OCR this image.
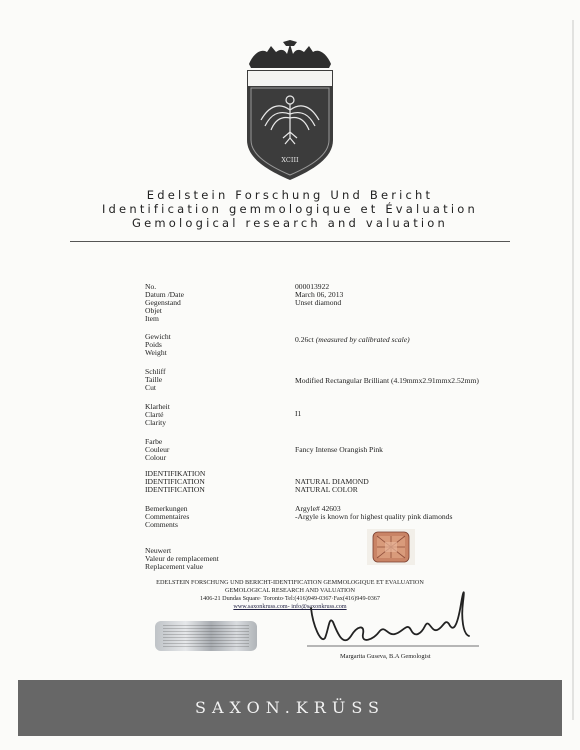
XCIII
Edelstein Forschung Und Bericht
Identification gemmologique et Évaluation
Gemological research and valuation
No.
Datum /Date
Gegenstand
Objet
Item
Gewicht
Poids
Weight
Schliff
Taille
Cut
Klarheit
Clarté
Clarity
Farbe
Couleur
Colour
IDENTIFIKATION
IDENTIFICATION
IDENTIFICATION
Bemerkungen
Commentaires
Comments
Neuwert
Valeur de remplacement
Replacement value
000013922
March 06, 2013
Unset diamond
0.26ct (measured by calibrated scale)
Modified Rectangular Brilliant (4.19mmx2.91mmx2.52mm)
I1
Fancy Intense Orangish Pink
NATURAL DIAMOND
NATURAL COLOR
Argyle# 42603
-Argyle is known for highest quality pink diamonds
EDELSTEIN FORSCHUNG UND BERICHT-IDENTIFICATION GEMMOLOGIQUE ET EVALUATION
GEMOLOGICAL RESEARCH AND VALUATION
1406-21 Dundas Square· Toronto·Tel:(416)949-0367·Fax(416)949-0367
www.saxonkruss.com- info@saxonkruss.com
Margarita Guseva, B.A Gemologist
SAXON.KRÜSS
